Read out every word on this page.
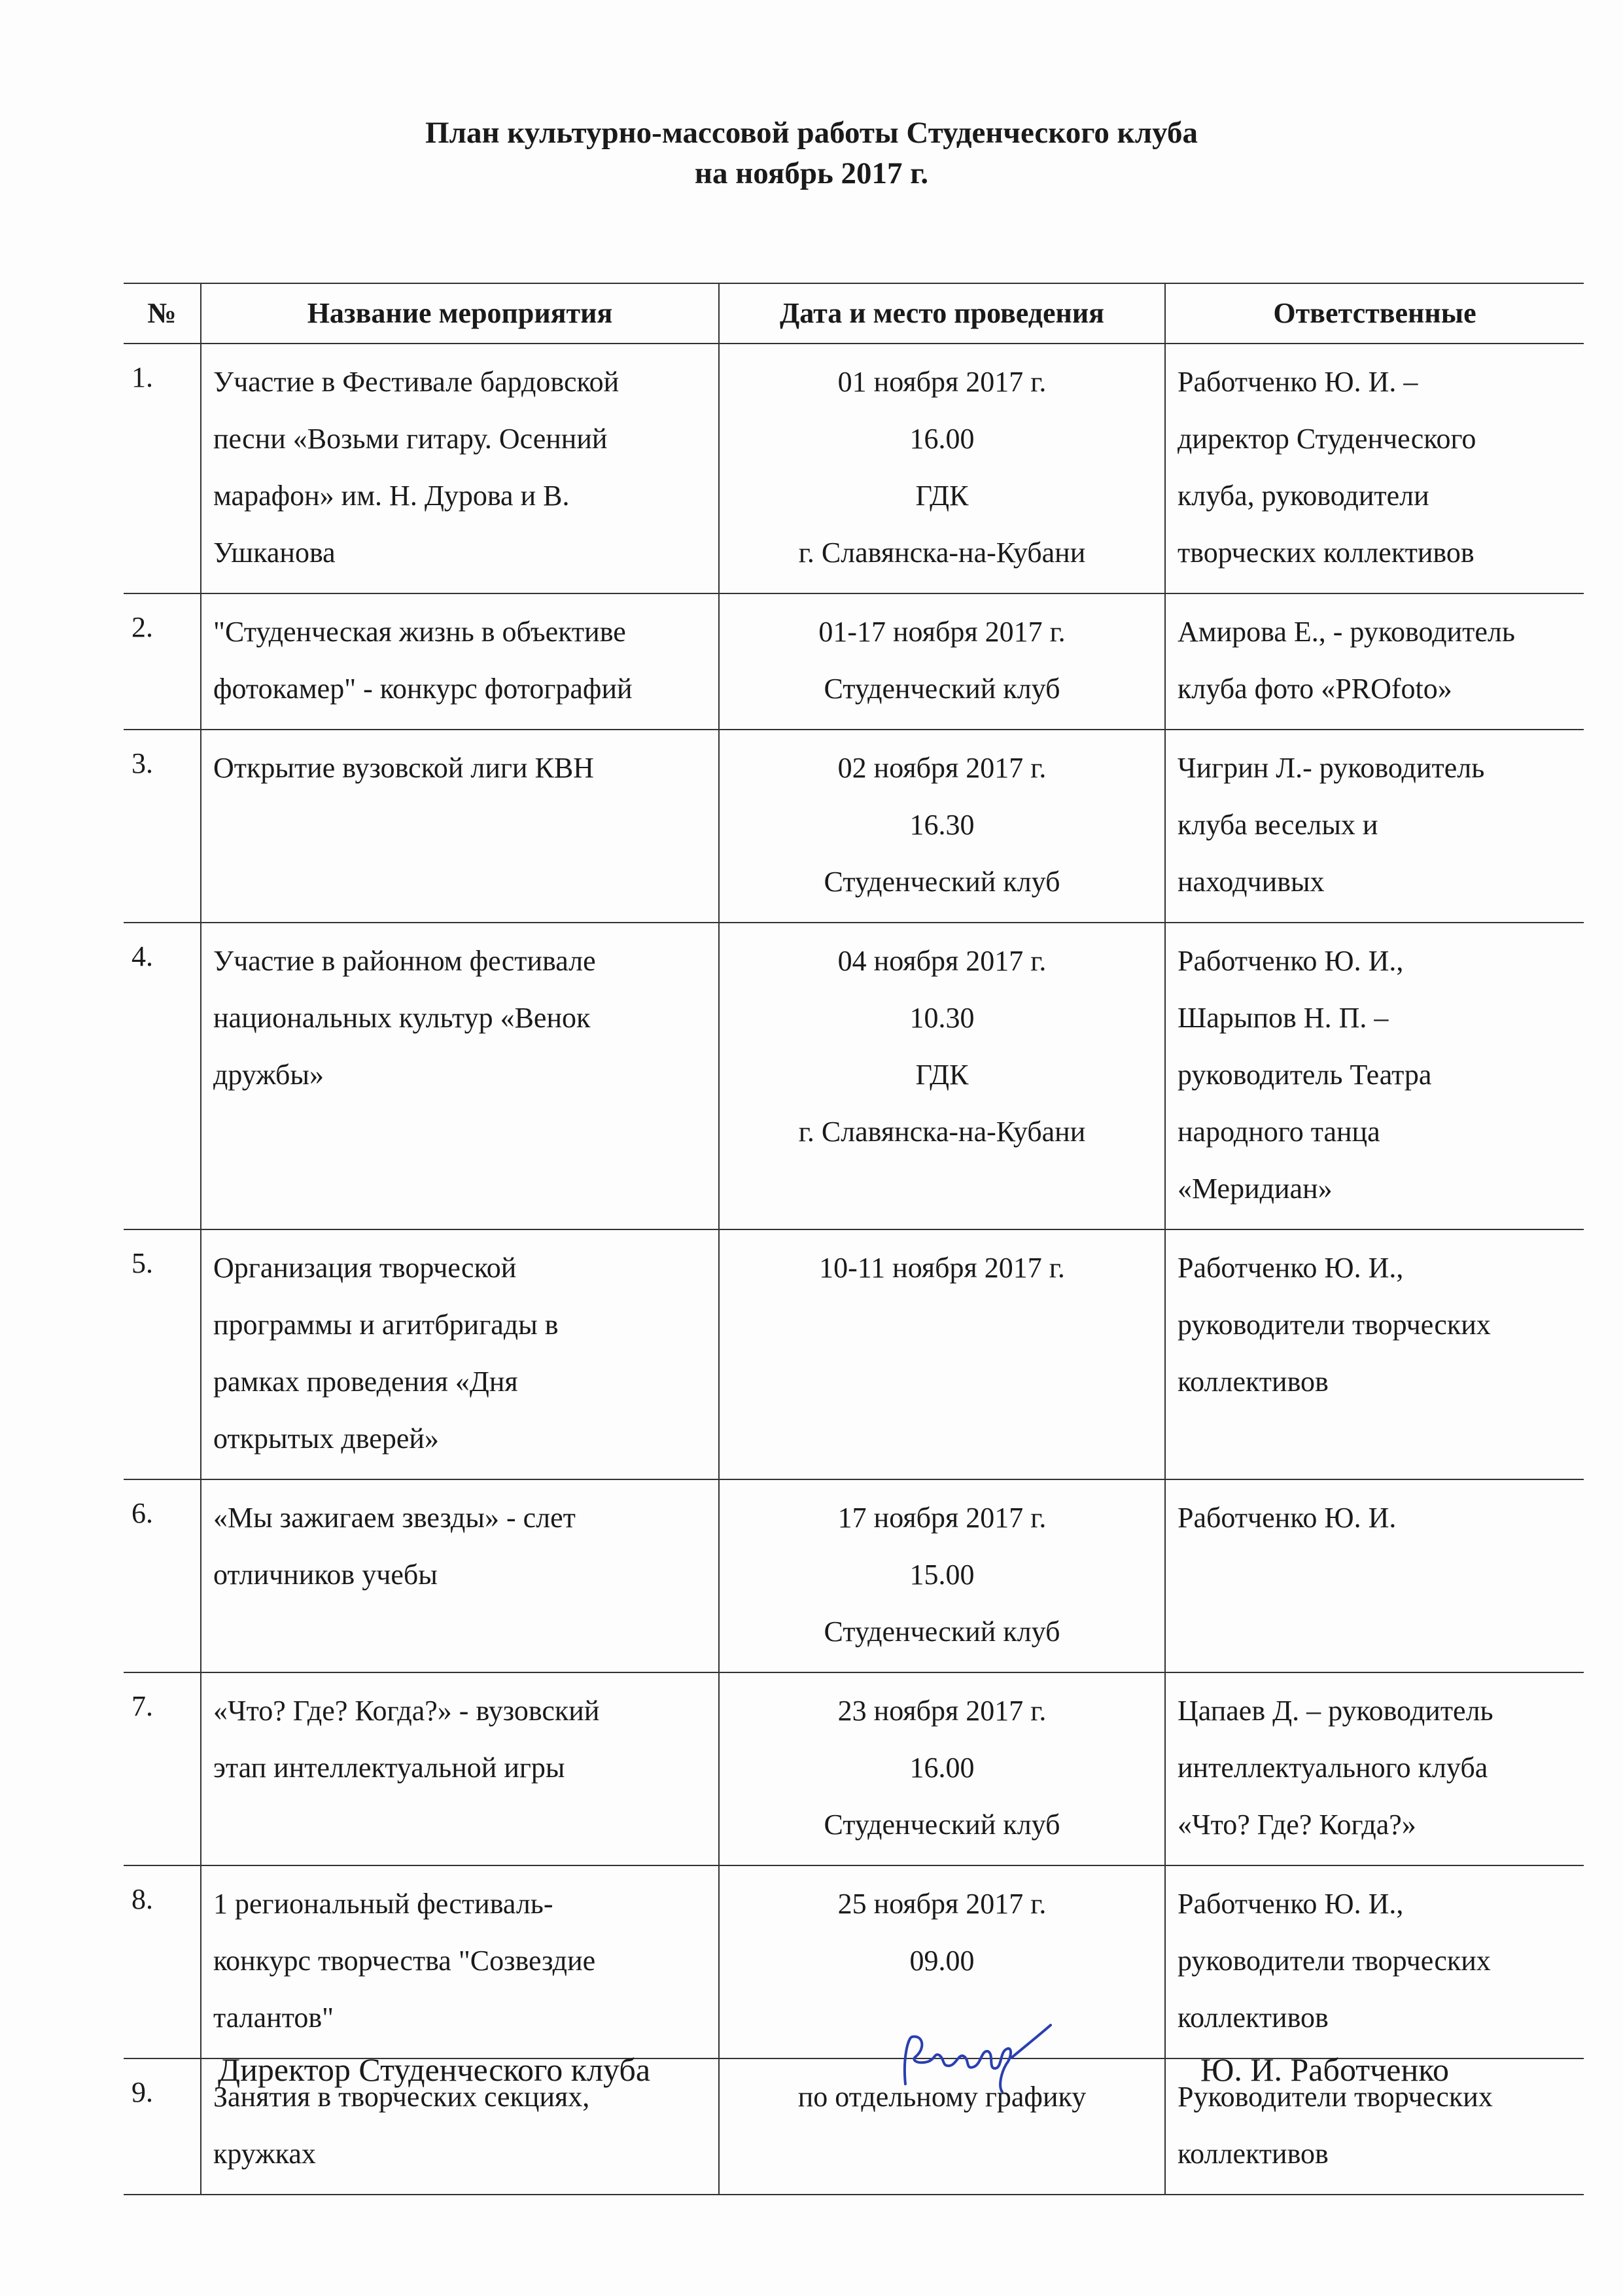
План культурно-массовой работы Студенческого клуба
на ноябрь 2017 г.
№	Название мероприятия	Дата и место проведения	Ответственные
1.	Участие в Фестивале бардовской
песни «Возьми гитару. Осенний
марафон» им. Н. Дурова и В.
Ушканова	01 ноября 2017 г.
16.00
ГДК
г. Славянска-на-Кубани	Работченко Ю. И. –
директор Студенческого
клуба, руководители
творческих коллективов

2.	"Студенческая жизнь в объективе
фотокамер" - конкурс фотографий	01-17 ноября 2017 г.
Студенческий клуб	Амирова Е., - руководитель
клуба фото «PROfoto»

3.	Открытие вузовской лиги КВН	02 ноября 2017 г.
16.30
Студенческий клуб	Чигрин Л.- руководитель
клуба веселых и
находчивых

4.	Участие в районном фестивале
национальных культур «Венок
дружбы»	04 ноября 2017 г.
10.30
ГДК
г. Славянска-на-Кубани	Работченко Ю. И.,
Шарыпов Н. П. –
руководитель Театра
народного танца
«Меридиан»

5.	Организация творческой
программы и агитбригады в
рамках проведения «Дня
открытых дверей»	10-11 ноября 2017 г.	Работченко Ю. И.,
руководители творческих
коллективов

6.	«Мы зажигаем звезды» - слет
отличников учебы	17 ноября 2017 г.
15.00
Студенческий клуб	Работченко Ю. И.

7.	«Что? Где? Когда?» - вузовский
этап интеллектуальной игры	23 ноября 2017 г.
16.00
Студенческий клуб	Цапаев Д. – руководитель
интеллектуального клуба
«Что? Где? Когда?»

8.	1 региональный фестиваль-
конкурс творчества "Созвездие
талантов"	25 ноября 2017 г.
09.00	Работченко Ю. И.,
руководители творческих
коллективов

9.	Занятия в творческих секциях,
кружках	по отдельному графику	Руководители творческих
коллективов
Директор Студенческого клуба	Ю. И. Работченко
